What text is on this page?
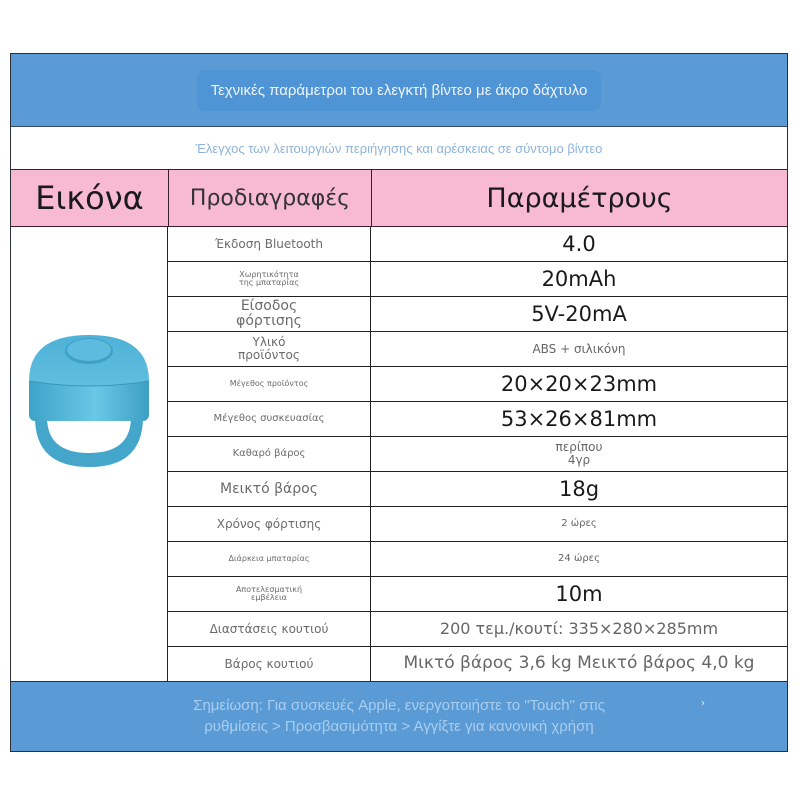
Τεχνικές παράμετροι του ελεγκτή βίντεο με άκρο δάχτυλο
Έλεγχος των λειτουργιών περιήγησης και αρέσκειας σε σύντομο βίντεο
Εικόνα	Προδιαγραφές	Παραμέτρους
Έκδοση Bluetooth	4.0
Χωρητικότητα της μπαταρίας	20mAh
Είσοδος φόρτισης	5V-20mA
Υλικό προϊόντος	ABS + σιλικόνη
Μέγεθος προϊόντος	20×20×23mm
Μέγεθος συσκευασίας	53×26×81mm
Καθαρό βάρος	περίπου 4γρ
Μεικτό βάρος	18g
Χρόνος φόρτισης	2 ώρες
Διάρκεια μπαταρίας	24 ώρες
Αποτελεσματική εμβέλεια	10m
Διαστάσεις κουτιού	200 τεμ./κουτί: 335×280×285mm
Βάρος κουτιού	Μικτό βάρος 3,6 kg Μεικτό βάρος 4,0 kg
Σημείωση: Για συσκευές Apple, ενεργοποιήστε το "Touch" στις
ρυθμίσεις > Προσβασιμότητα > Αγγίξτε για κανονική χρήση
›
